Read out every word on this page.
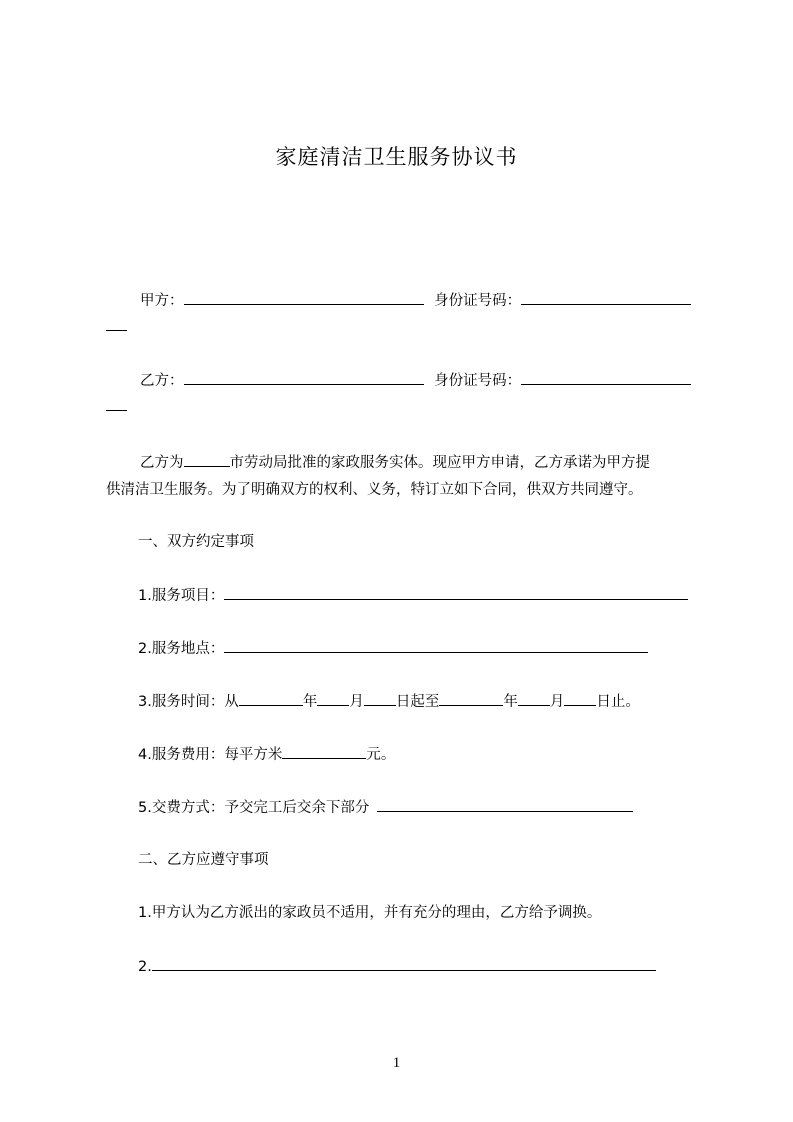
家庭清洁卫生服务协议书
甲方：	身份证号码：
乙方：	身份证号码：
乙方为	市劳动局批准的家政服务实体。现应甲方申请，乙方承诺为甲方提
供清洁卫生服务。为了明确双方的权利、义务，特订立如下合同，供双方共同遵守。
一、双方约定事项
1.服务项目：
2.服务地点：
3.服务时间：从	年 月 日起至	年 月 日止。
4.服务费用：每平方米	元。
5.交费方式：予交完工后交余下部分
二、乙方应遵守事项
1.甲方认为乙方派出的家政员不适用，并有充分的理由，乙方给予调换。
2.
1
